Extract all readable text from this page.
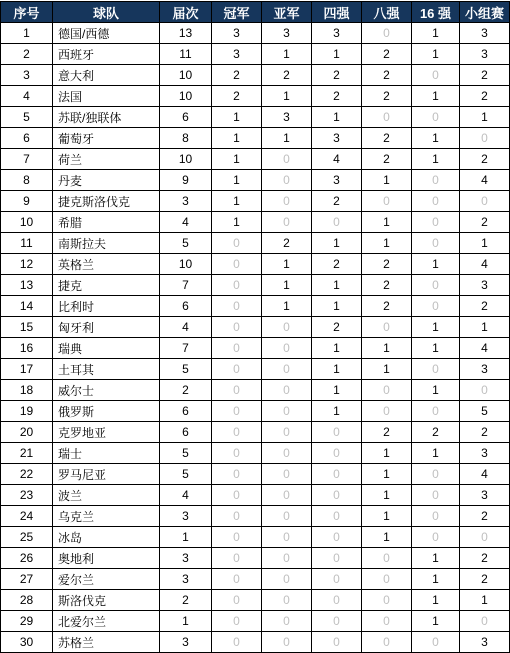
序号	球队	届次	冠军	亚军	四强	八强	16 强	小组赛
1	德国/西德	13	3	3	3	0	1	3
2	西班牙	11	3	1	1	2	1	3
3	意大利	10	2	2	2	2	0	2
4	法国	10	2	1	2	2	1	2
5	苏联/独联体	6	1	3	1	0	0	1
6	葡萄牙	8	1	1	3	2	1	0
7	荷兰	10	1	0	4	2	1	2
8	丹麦	9	1	0	3	1	0	4
9	捷克斯洛伐克	3	1	0	2	0	0	0
10	希腊	4	1	0	0	1	0	2
11	南斯拉夫	5	0	2	1	1	0	1
12	英格兰	10	0	1	2	2	1	4
13	捷克	7	0	1	1	2	0	3
14	比利时	6	0	1	1	2	0	2
15	匈牙利	4	0	0	2	0	1	1
16	瑞典	7	0	0	1	1	1	4
17	土耳其	5	0	0	1	1	0	3
18	威尔士	2	0	0	1	0	1	0
19	俄罗斯	6	0	0	1	0	0	5
20	克罗地亚	6	0	0	0	2	2	2
21	瑞士	5	0	0	0	1	1	3
22	罗马尼亚	5	0	0	0	1	0	4
23	波兰	4	0	0	0	1	0	3
24	乌克兰	3	0	0	0	1	0	2
25	冰岛	1	0	0	0	1	0	0
26	奥地利	3	0	0	0	0	1	2
27	爱尔兰	3	0	0	0	0	1	2
28	斯洛伐克	2	0	0	0	0	1	1
29	北爱尔兰	1	0	0	0	0	1	0
30	苏格兰	3	0	0	0	0	0	3
